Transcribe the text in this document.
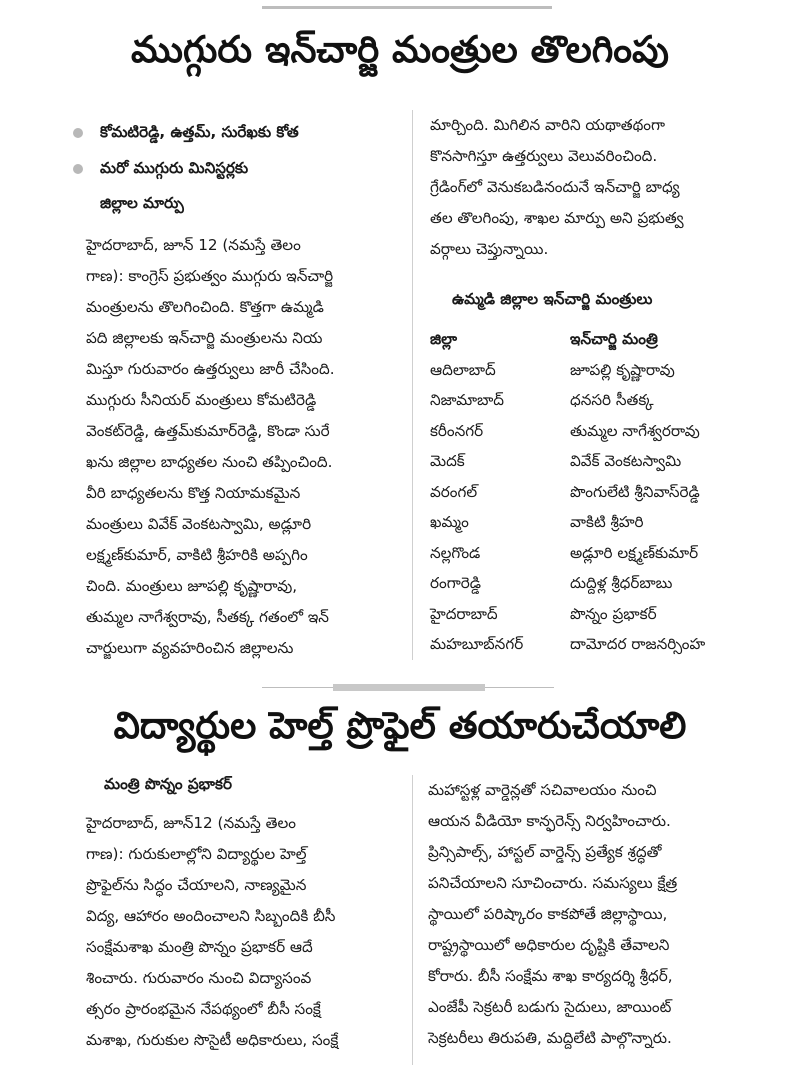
ముగ్గురు ఇన్‌చార్జి మంత్రుల తొలగింపు
కోమటిరెడ్డి, ఉత్తమ్, సురేఖకు కోత
మరో ముగ్గురు మినిస్టర్లకు
జిల్లాల మార్పు
హైదరాబాద్, జూన్ 12 (నమస్తే తెలం
గాణ): కాంగ్రెస్ ప్రభుత్వం ముగ్గురు ఇన్‌చార్జి
మంత్రులను తొలగించింది. కొత్తగా ఉమ్మడి
పది జిల్లాలకు ఇన్‌చార్జి మంత్రులను నియ
మిస్తూ గురువారం ఉత్తర్వులు జారీ చేసింది.
ముగ్గురు సీనియర్ మంత్రులు కోమటిరెడ్డి
వెంకట్‌రెడ్డి, ఉత్తమ్‌కుమార్‌రెడ్డి, కొండా సురే
ఖను జిల్లాల బాధ్యతల నుంచి తప్పించింది.
వీరి బాధ్యతలను కొత్త నియామకమైన
మంత్రులు వివేక్ వెంకటస్వామి, అడ్లూరి
లక్ష్మణ్‌కుమార్, వాకిటి శ్రీహరికి అప్పగిం
చింది. మంత్రులు జూపల్లి కృష్ణారావు,
తుమ్మల నాగేశ్వరావు, సీతక్క గతంలో ఇన్
చార్జులుగా వ్యవహరించిన జిల్లాలను
మార్చింది. మిగిలిన వారిని యథాతథంగా
కొనసాగిస్తూ ఉత్తర్వులు వెలువరించింది.
గ్రేడింగ్‌లో వెనుకబడినందునే ఇన్‌చార్జి బాధ్య
తల తొలగింపు, శాఖల మార్పు అని ప్రభుత్వ
వర్గాలు చెప్తున్నాయి.
ఉమ్మడి జిల్లాల ఇన్‌చార్జి మంత్రులు
జిల్లా	ఇన్‌చార్జి మంత్రి
ఆదిలాబాద్	జూపల్లి కృష్ణారావు
నిజామాబాద్	ధనసరి సీతక్క
కరీంనగర్	తుమ్మల నాగేశ్వరరావు
మెదక్	వివేక్ వెంకటస్వామి
వరంగల్	పొంగులేటి శ్రీనివాస్‌రెడ్డి
ఖమ్మం	వాకిటి శ్రీహరి
నల్లగొండ	అడ్లూరి లక్ష్మణ్‌కుమార్
రంగారెడ్డి	దుద్దిళ్ల శ్రీధర్‌బాబు
హైదరాబాద్	పొన్నం ప్రభాకర్
మహబూబ్‌నగర్	దామోదర రాజనర్సింహ
విద్యార్థుల హెల్త్ ప్రొఫైల్ తయారుచేయాలి
మంత్రి పొన్నం ప్రభాకర్
హైదరాబాద్, జూన్12 (నమస్తే తెలం
గాణ): గురుకులాల్లోని విద్యార్థుల హెల్త్
ప్రొఫైల్‌ను సిద్ధం చేయాలని, నాణ్యమైన
విద్య, ఆహారం అందించాలని సిబ్బందికి బీసీ
సంక్షేమశాఖ మంత్రి పొన్నం ప్రభాకర్ ఆదే
శించారు. గురువారం నుంచి విద్యాసంవ
త్సరం ప్రారంభమైన నేపథ్యంలో బీసీ సంక్షే
మశాఖ, గురుకుల సొసైటీ అధికారులు, సంక్షే
మహాస్టళ్ల వార్డెన్లతో సచివాలయం నుంచి
ఆయన వీడియో కాన్ఫరెన్స్ నిర్వహించారు.
ప్రిన్సిపాల్స్, హాస్టల్ వార్డెన్స్ ప్రత్యేక శ్రద్ధతో
పనిచేయాలని సూచించారు. సమస్యలు క్షేత్ర
స్థాయిలో పరిష్కారం కాకపోతే జిల్లాస్థాయి,
రాష్ట్రస్థాయిలో అధికారుల దృష్టికి తేవాలని
కోరారు. బీసీ సంక్షేమ శాఖ కార్యదర్శి శ్రీధర్,
ఎంజేపీ సెక్రటరీ బడుగు సైదులు, జాయింట్
సెక్రటరీలు తిరుపతి, మద్దిలేటి పాల్గొన్నారు.
